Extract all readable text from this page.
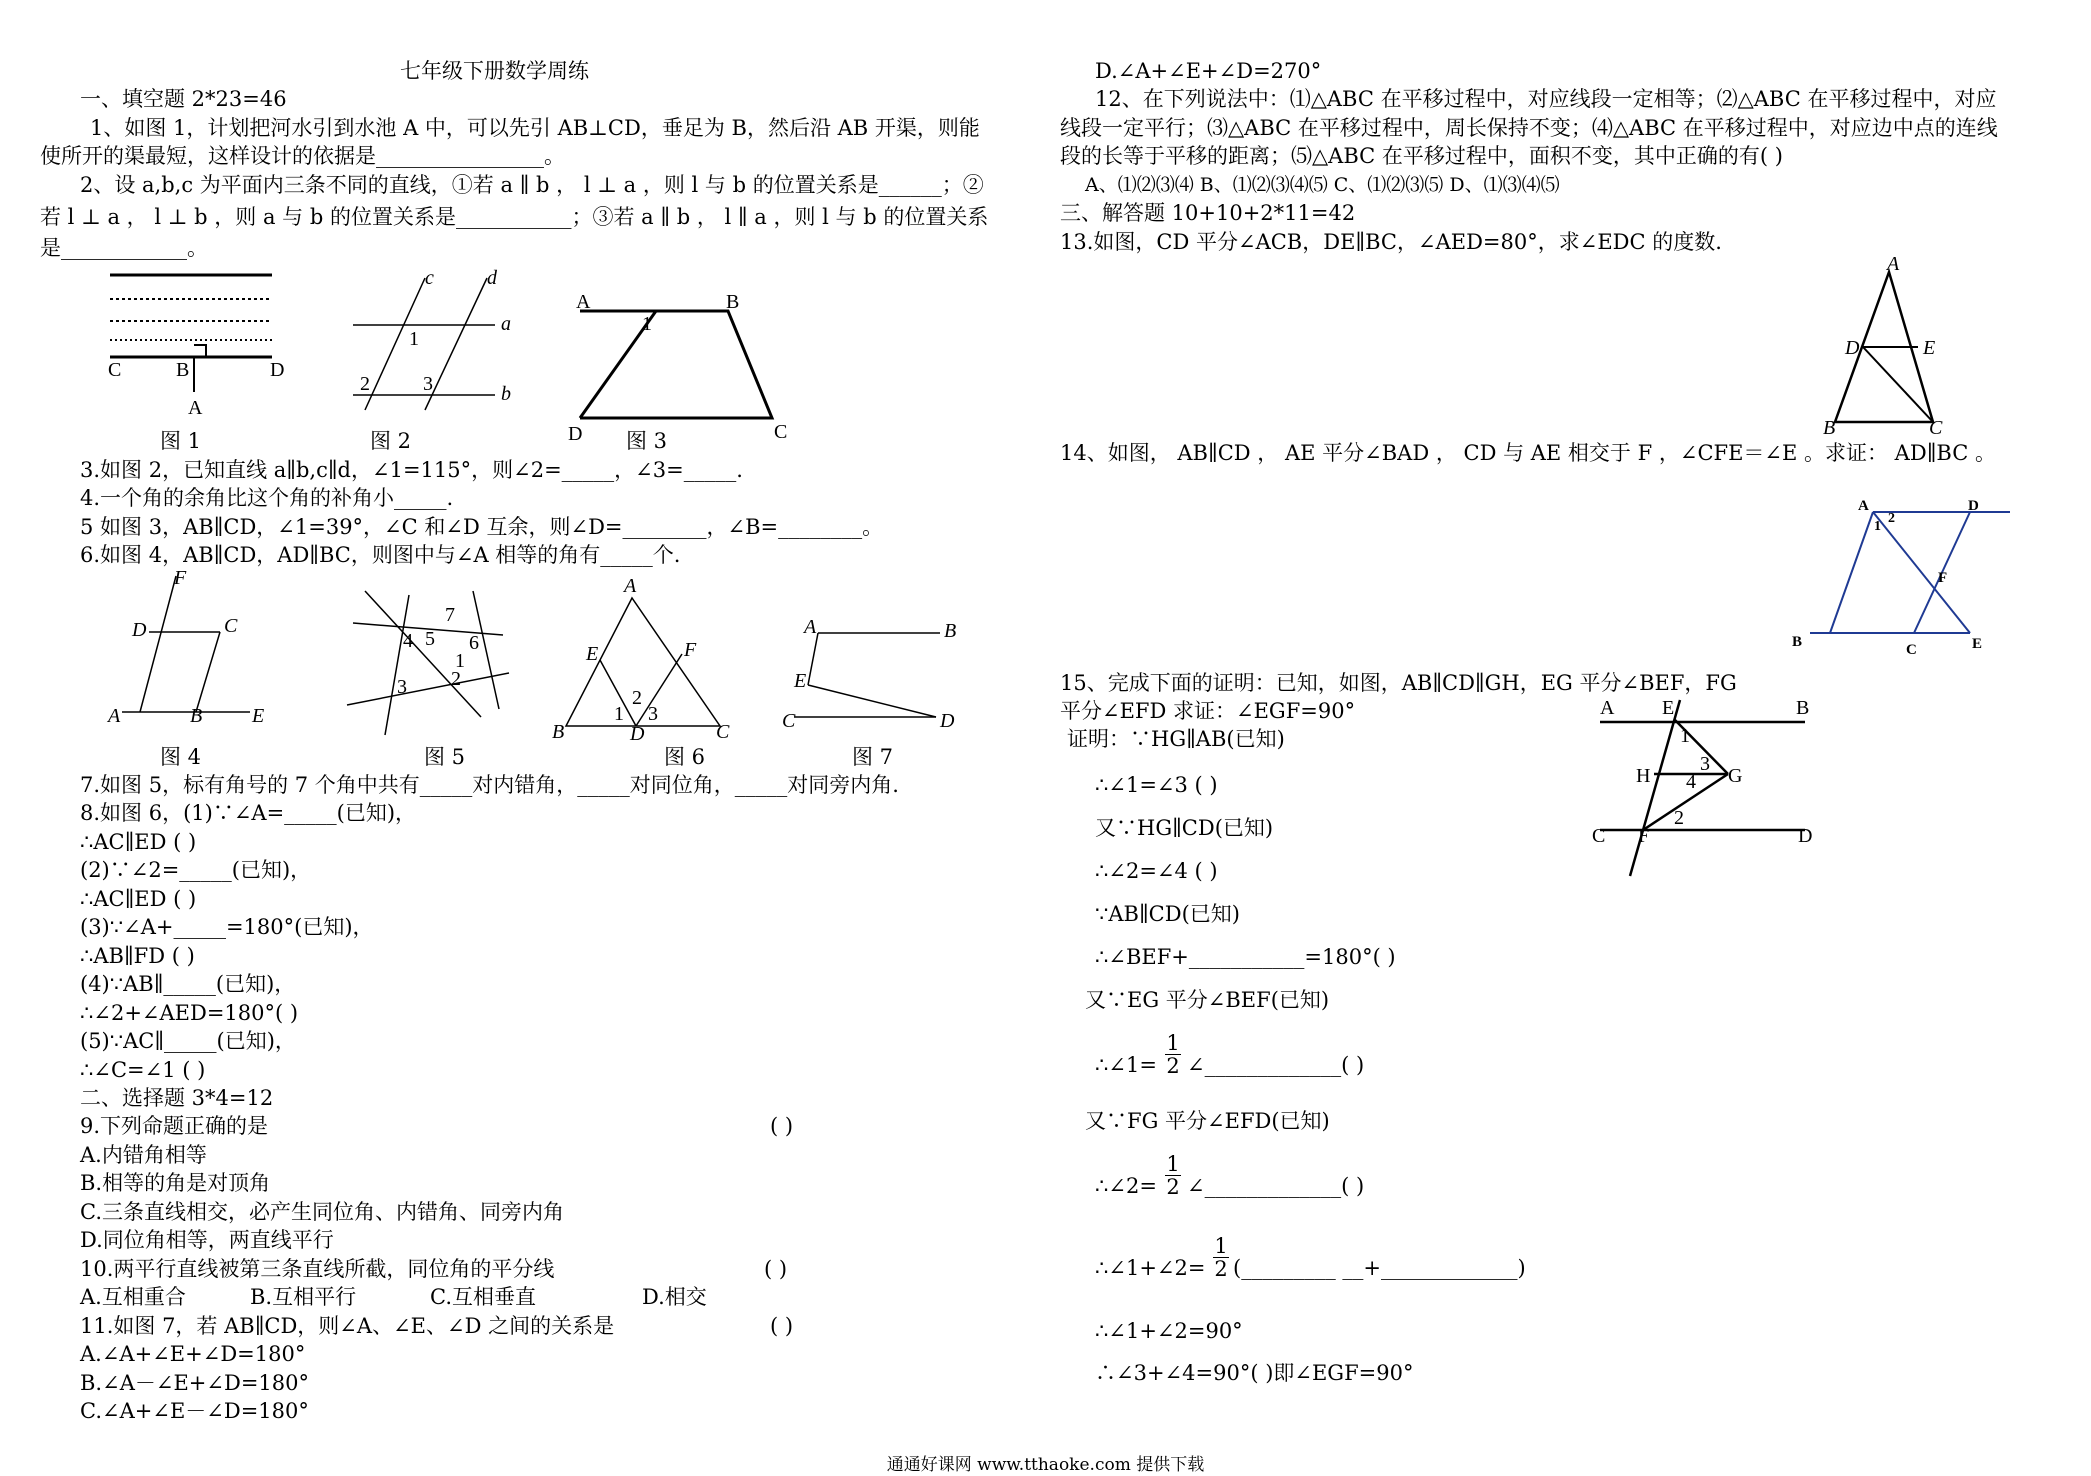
七年级下册数学周练
一、填空题 2*23=46
1、如图 1，计划把河水引到水池 A 中，可以先引 AB⊥CD，垂足为 B，然后沿 AB 开渠，则能
使所开的渠最短，这样设计的依据是________________。
2、设 a,b,c 为平面内三条不同的直线，①若 a ∥ b ， l ⊥ a ，则 l 与 b 的位置关系是______；②
若 l ⊥ a ， l ⊥ b ，则 a 与 b 的位置关系是___________；③若 a ∥ b ， l ∥ a ，则 l 与 b 的位置关系
是____________。
C	B	D
A
图 1
c	d
a
b
1
2	3
图 2
A	B
1
D	C
图 3
3.如图 2，已知直线 a∥b,c∥d，∠1=115°，则∠2=_____，∠3=_____.
4.一个角的余角比这个角的补角小_____.
5 如图 3，AB∥CD，∠1=39°，∠C 和∠D 互余，则∠D=________，∠B=________。
6.如图 4，AB∥CD，AD∥BC，则图中与∠A 相等的角有_____个.
F
D	C
A	B E
图 4
7
5
4	6
1
2
3
图 5
A
E	F
B	D	C
1
2
3
图 6
A	B
E
C	D
图 7
7.如图 5，标有角号的 7 个角中共有_____对内错角，_____对同位角，_____对同旁内角.
8.如图 6，(1)∵∠A=_____(已知)，
∴AC∥ED ( )
(2)∵∠2=_____(已知)，
∴AC∥ED ( )
(3)∵∠A+_____=180°(已知)，
∴AB∥FD ( )
(4)∵AB∥_____(已知)，
∴∠2+∠AED=180°( )
(5)∵AC∥_____(已知)，
∴∠C=∠1 ( )
二、选择题 3*4=12
9.下列命题正确的是	( )
A.内错角相等
B.相等的角是对顶角
C.三条直线相交，必产生同位角、内错角、同旁内角
D.同位角相等，两直线平行
10.两平行直线被第三条直线所截，同位角的平分线	( )
A.互相重合	B.互相平行	C.互相垂直	D.相交
11.如图 7，若 AB∥CD，则∠A、∠E、∠D 之间的关系是	( )
A.∠A+∠E+∠D=180°
B.∠A－∠E+∠D=180°
C.∠A+∠E－∠D=180°
D.∠A+∠E+∠D=270°
12、在下列说法中：⑴△ABC 在平移过程中，对应线段一定相等；⑵△ABC 在平移过程中，对应
线段一定平行；⑶△ABC 在平移过程中，周长保持不变；⑷△ABC 在平移过程中，对应边中点的连线
段的长等于平移的距离；⑸△ABC 在平移过程中，面积不变，其中正确的有( )
A、⑴⑵⑶⑷ B、⑴⑵⑶⑷⑸ C、⑴⑵⑶⑸ D、⑴⑶⑷⑸
三、解答题 10+10+2*11=42
13.如图，CD 平分∠ACB，DE∥BC，∠AED=80°，求∠EDC 的度数.
A
D	E
B	C
14、如图， AB∥CD ， AE 平分∠BAD ， CD 与 AE 相交于 F ，∠CFE＝∠E 。求证： AD∥BC 。
A	D
1
2
F
B	C	E
15、完成下面的证明：已知，如图，AB∥CD∥GH，EG 平分∠BEF，FG
平分∠EFD 求证：∠EGF=90°	A E	B
1
H
3
4 G
2
C F	D
证明：∵HG∥AB(已知)
∴∠1=∠3 ( )
又∵HG∥CD(已知)
∴∠2=∠4 ( )
∵AB∥CD(已知)
∴∠BEF+___________=180°( )
又∵EG 平分∠BEF(已知)
∴∠1= $\frac{1}{2}$ ∠_____________( )
又∵FG 平分∠EFD(已知)
∴∠2= $\frac{1}{2}$ ∠_____________( )
∴∠1+∠2= $\frac{1}{2}$ (_________ __+_____________)
∴∠1+∠2=90°
∴∠3+∠4=90°( )即∠EGF=90°
通通好课网 www.tthaoke.com 提供下载
